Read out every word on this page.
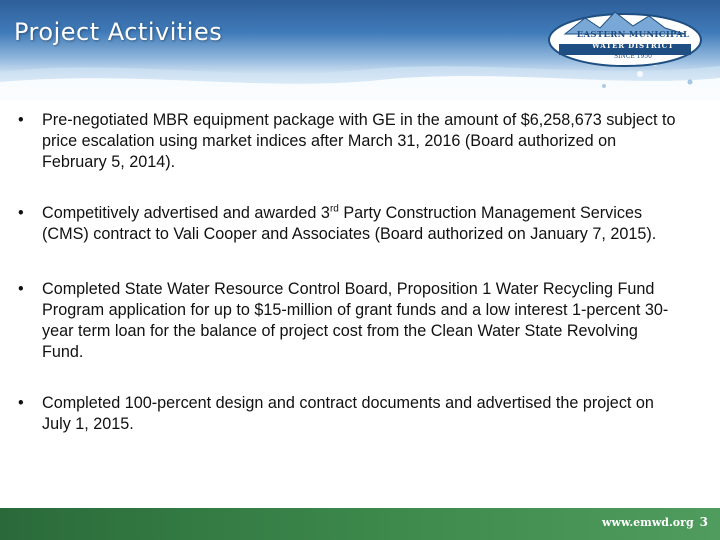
Project Activities	EASTERN MUNICIPAL
WATER DISTRICT
SINCE 1950
• Pre-negotiated MBR equipment package with GE in the amount of $6,258,673 subject to price escalation using market indices after March 31, 2016 (Board authorized on February 5, 2014).
• Competitively advertised and awarded 3rd Party Construction Management Services (CMS) contract to Vali Cooper and Associates (Board authorized on January 7, 2015).
• Completed State Water Resource Control Board, Proposition 1 Water Recycling Fund Program application for up to $15-million of grant funds and a low interest 1-percent 30-year term loan for the balance of project cost from the Clean Water State Revolving Fund.
• Completed 100-percent design and contract documents and advertised the project on July 1, 2015.
www.emwd.org 3
